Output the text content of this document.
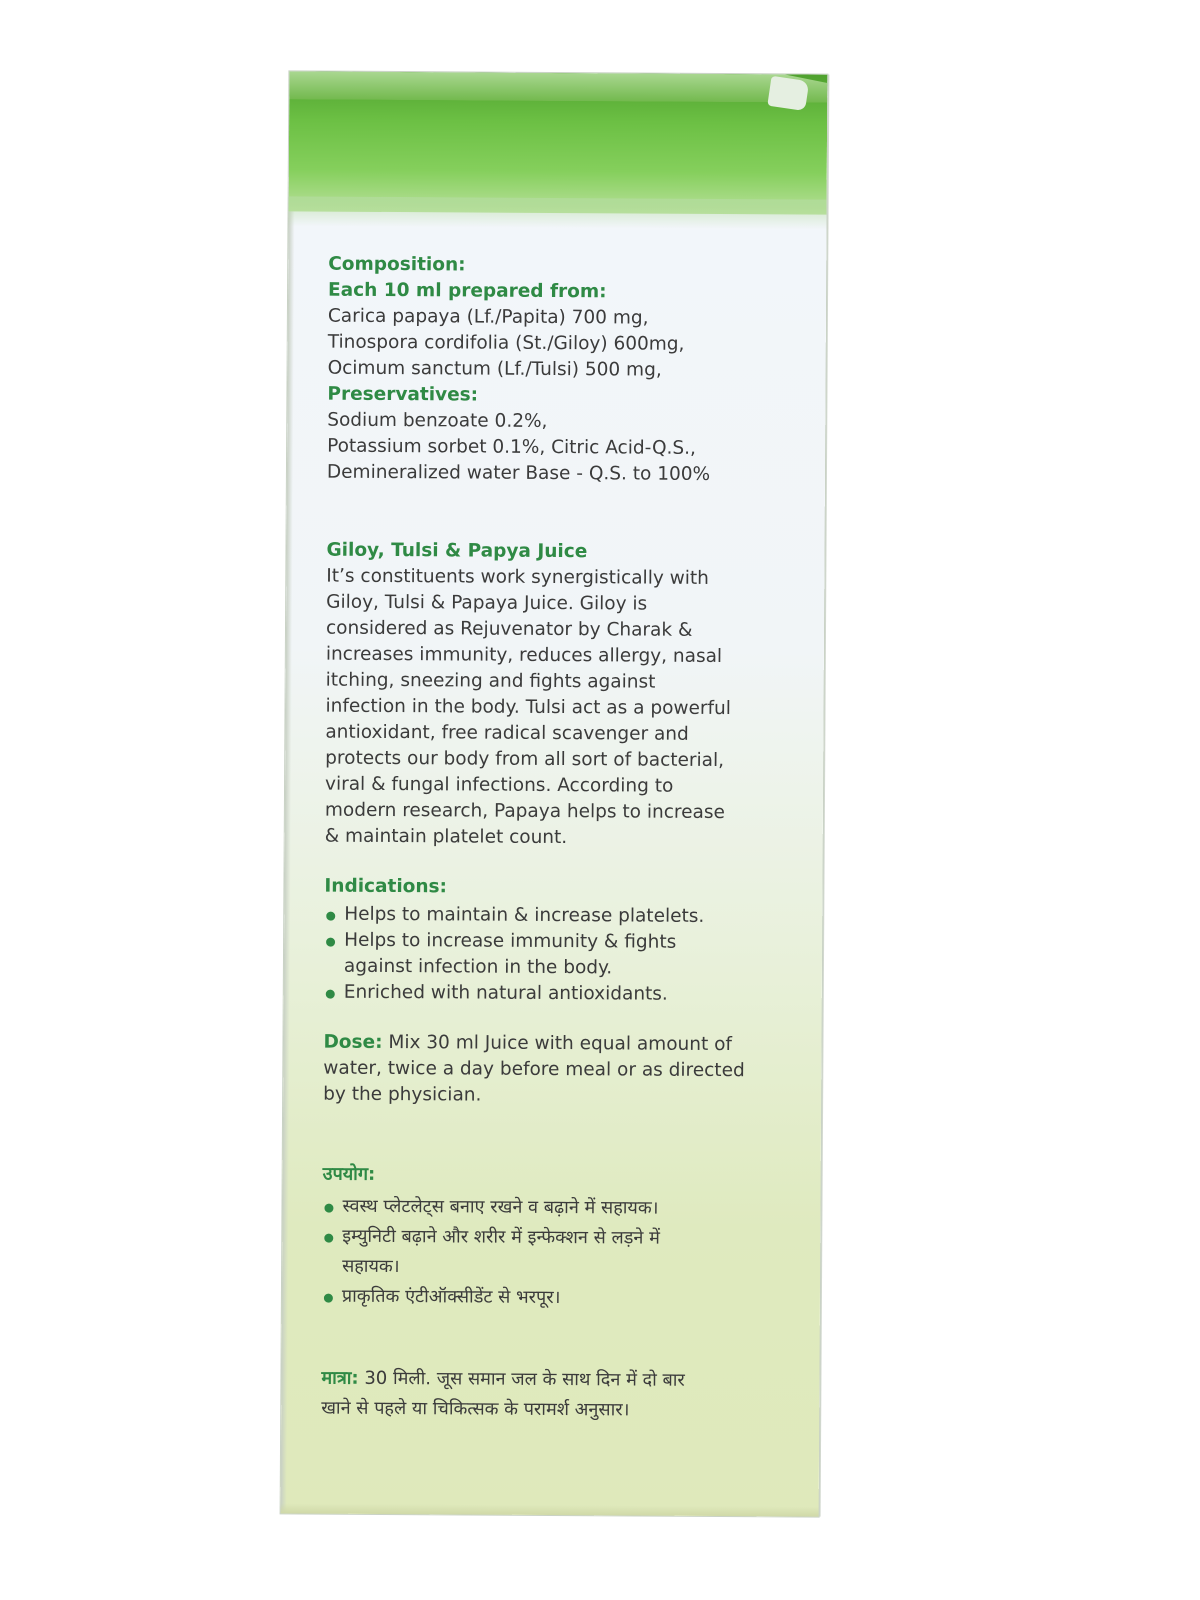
Composition:
Each 10 ml prepared from:
Carica papaya (Lf./Papita) 700 mg,
Tinospora cordifolia (St./Giloy) 600mg,
Ocimum sanctum (Lf./Tulsi) 500 mg,
Preservatives:
Sodium benzoate 0.2%,
Potassium sorbet 0.1%, Citric Acid-Q.S.,
Demineralized water Base - Q.S. to 100%
Giloy, Tulsi & Papya Juice
It’s constituents work synergistically with
Giloy, Tulsi & Papaya Juice. Giloy is
considered as Rejuvenator by Charak &
increases immunity, reduces allergy, nasal
itching, sneezing and fights against
infection in the body. Tulsi act as a powerful
antioxidant, free radical scavenger and
protects our body from all sort of bacterial,
viral & fungal infections. According to
modern research, Papaya helps to increase
& maintain platelet count.
Indications:
Helps to maintain & increase platelets.
Helps to increase immunity & fights
against infection in the body.
Enriched with natural antioxidants.
Dose: Mix 30 ml Juice with equal amount of
water, twice a day before meal or as directed
by the physician.
उपयोग:
स्वस्थ प्लेटलेट्स बनाए रखने व बढ़ाने में सहायक।
इम्युनिटी बढ़ाने और शरीर में इन्फेक्शन से लड़ने में
सहायक।
प्राकृतिक एंटीऑक्सीडेंट से भरपूर।
मात्रा: 30 मिली. जूस समान जल के साथ दिन में दो बार
खाने से पहले या चिकित्सक के परामर्श अनुसार।
